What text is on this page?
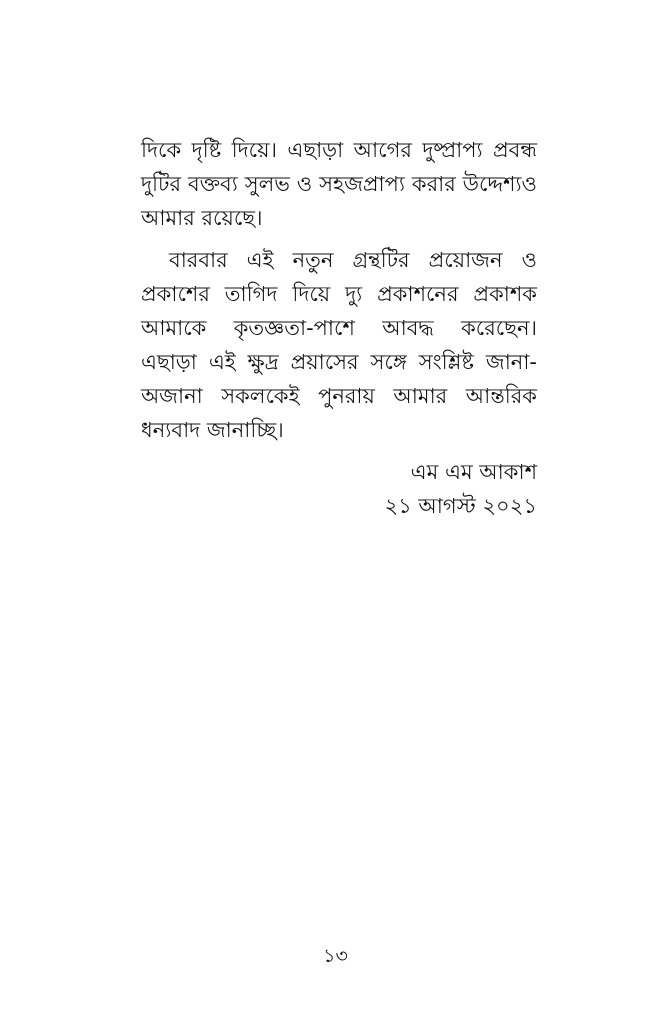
দিকে দৃষ্টি দিয়ে। এছাড়া আগের দুষ্প্রাপ্য প্রবন্ধ দুটির বক্তব্য সুলভ ও সহজপ্রাপ্য করার উদ্দেশ্যও আমার রয়েছে।

বারবার এই নতুন গ্রন্থটির প্রয়োজন ও প্রকাশের তাগিদ দিয়ে দ্যু প্রকাশনের প্রকাশক আমাকে কৃতজ্ঞতা-পাশে আবদ্ধ করেছেন। এছাড়া এই ক্ষুদ্র প্রয়াসের সঙ্গে সংশ্লিষ্ট জানা-অজানা সকলকেই পুনরায় আমার আন্তরিক ধন্যবাদ জানাচ্ছি।

এম এম আকাশ
২১ আগস্ট ২০২১
১৩
